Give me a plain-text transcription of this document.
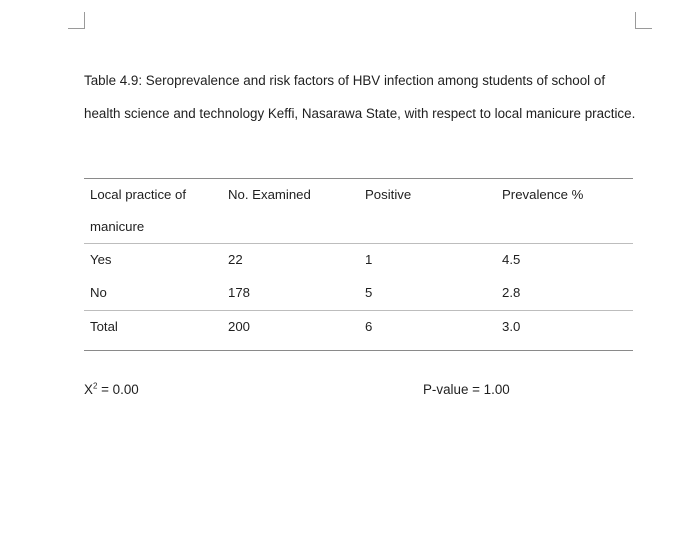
Table 4.9: Seroprevalence and risk factors of HBV infection among students of school of health science and technology Keffi, Nasarawa State, with respect to local manicure practice.

Local practice of manicure	No. Examined	Positive	Prevalence %
Yes	22	1	4.5
No	178	5	2.8
Total	200	6	3.0

$X^2 = 0.00$	P-value = 1.00
